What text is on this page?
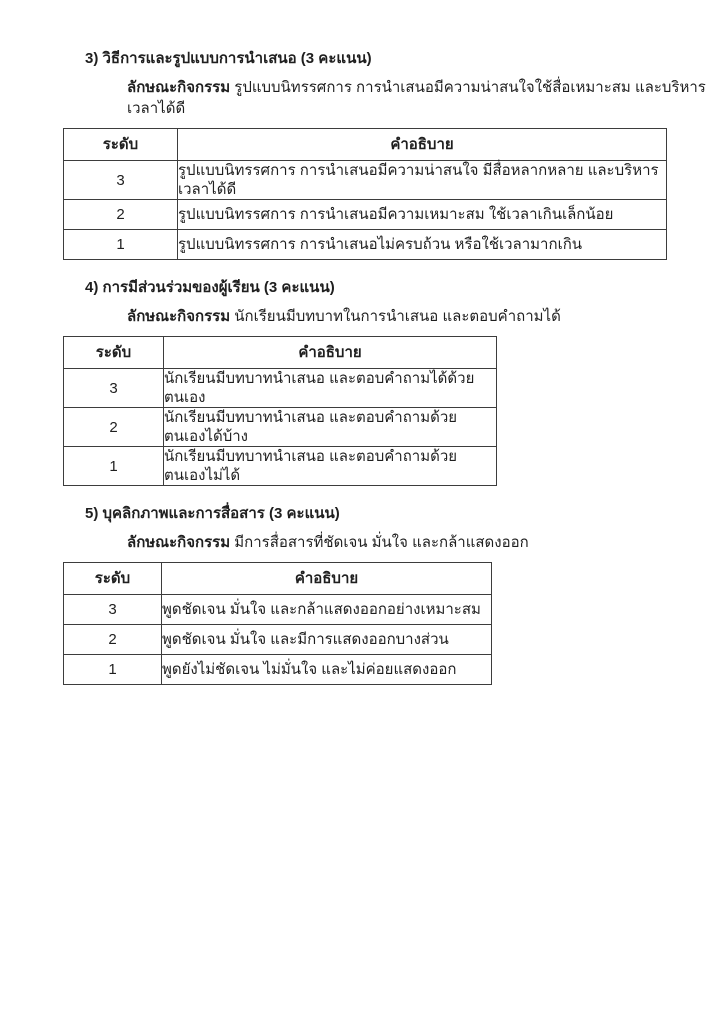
3) วิธีการและรูปแบบการนำเสนอ (3 คะแนน)
ลักษณะกิจกรรม รูปแบบนิทรรศการ การนำเสนอมีความน่าสนใจใช้สื่อเหมาะสม และบริหารเวลาได้ดี
ระดับ	คำอธิบาย
3	รูปแบบนิทรรศการ การนำเสนอมีความน่าสนใจ มีสื่อหลากหลาย และบริหารเวลาได้ดี
2	รูปแบบนิทรรศการ การนำเสนอมีความเหมาะสม ใช้เวลาเกินเล็กน้อย
1	รูปแบบนิทรรศการ การนำเสนอไม่ครบถ้วน หรือใช้เวลามากเกิน
4) การมีส่วนร่วมของผู้เรียน (3 คะแนน)
ลักษณะกิจกรรม นักเรียนมีบทบาทในการนำเสนอ และตอบคำถามได้
ระดับ	คำอธิบาย
3	นักเรียนมีบทบาทนำเสนอ และตอบคำถามได้ด้วยตนเอง
2	นักเรียนมีบทบาทนำเสนอ และตอบคำถามด้วยตนเองได้บ้าง
1	นักเรียนมีบทบาทนำเสนอ และตอบคำถามด้วยตนเองไม่ได้
5) บุคลิกภาพและการสื่อสาร (3 คะแนน)
ลักษณะกิจกรรม มีการสื่อสารที่ชัดเจน มั่นใจ และกล้าแสดงออก
ระดับ	คำอธิบาย
3	พูดชัดเจน มั่นใจ และกล้าแสดงออกอย่างเหมาะสม
2	พูดชัดเจน มั่นใจ และมีการแสดงออกบางส่วน
1	พูดยังไม่ชัดเจน ไม่มั่นใจ และไม่ค่อยแสดงออก
